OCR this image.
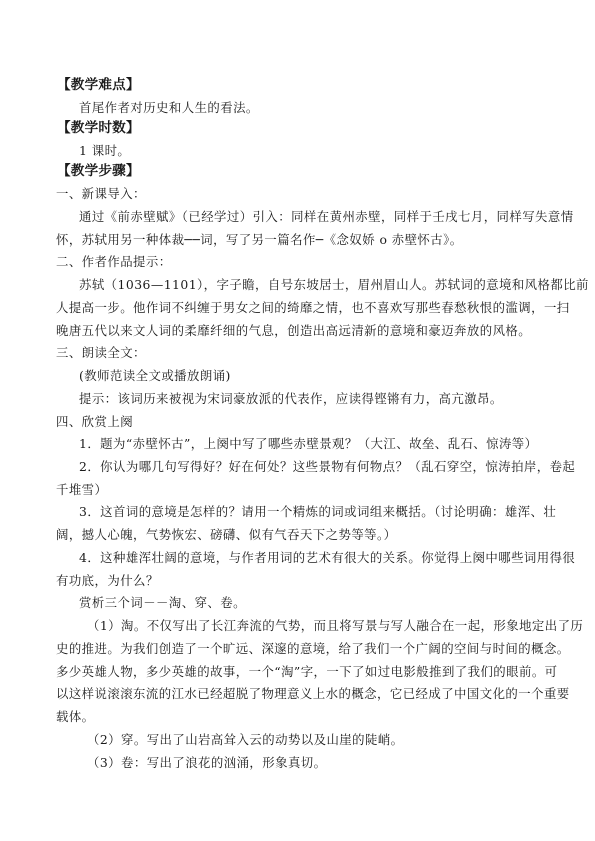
【教学难点】
首尾作者对历史和人生的看法。
【教学时数】
1 课时。
【教学步骤】
一、新课导入：
通过《前赤壁赋》（已经学过）引入：同样在黄州赤壁，同样于壬戌七月，同样写失意情
怀，苏轼用另一种体裁──词，写了另一篇名作─《念奴娇 o 赤壁怀古》。
二、作者作品提示：
苏轼（1036—1101），字子瞻，自号东坡居士，眉州眉山人。苏轼词的意境和风格都比前
人提高一步。他作词不纠缠于男女之间的绮靡之情，也不喜欢写那些春愁秋恨的滥调，一扫
晚唐五代以来文人词的柔靡纤细的气息，创造出高远清新的意境和豪迈奔放的风格。
三、朗读全文：
(教师范读全文或播放朗诵)
提示：该词历来被视为宋词豪放派的代表作，应读得铿锵有力，高亢激昂。
四、欣赏上阕
1．题为“赤壁怀古”，上阕中写了哪些赤壁景观？（大江、故垒、乱石、惊涛等）
2．你认为哪几句写得好？好在何处？这些景物有何物点？（乱石穿空，惊涛拍岸，卷起
千堆雪）
3．这首词的意境是怎样的？请用一个精炼的词或词组来概括。（讨论明确：雄浑、壮
阔，撼人心魄，气势恢宏、磅礴、似有气吞天下之势等等。）
4．这种雄浑壮阔的意境，与作者用词的艺术有很大的关系。你觉得上阕中哪些词用得很
有功底，为什么？
赏析三个词－－淘、穿、卷。
（1）淘。不仅写出了长江奔流的气势，而且将写景与写人融合在一起，形象地定出了历
史的推进。为我们创造了一个旷远、深邃的意境，给了我们一个广阔的空间与时间的概念。
多少英雄人物，多少英雄的故事，一个“淘”字，一下了如过电影般推到了我们的眼前。可
以这样说滚滚东流的江水已经超脱了物理意义上水的概念，它已经成了中国文化的一个重要
载体。
（2）穿。写出了山岩高耸入云的动势以及山崖的陡峭。
（3）卷：写出了浪花的汹涌，形象真切。
